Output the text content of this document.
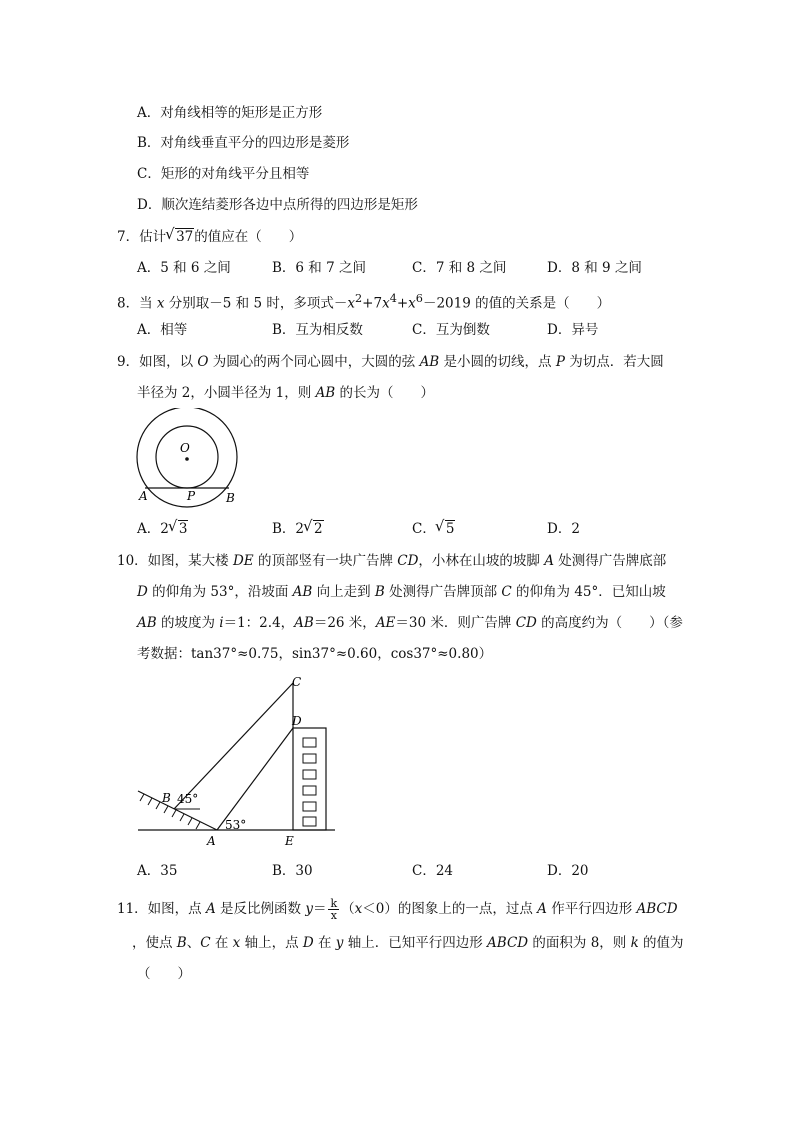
A．对角线相等的矩形是正方形
B．对角线垂直平分的四边形是菱形
C．矩形的对角线平分且相等
D．顺次连结菱形各边中点所得的四边形是矩形
7．估计 √ 37的值应在（　　）
A．5 和 6 之间	B．6 和 7 之间	C．7 和 8 之间	D．8 和 9 之间
8．当 x 分别取－5 和 5 时，多项式$-x^2+7x^4+x^6-2019$ 的值的关系是（　　）
A．相等	B．互为相反数	C．互为倒数	D．异号
9．如图，以 O 为圆心的两个同心圆中，大圆的弦 AB 是小圆的切线，点 P 为切点．若大圆
半径为 2，小圆半径为 1，则 AB 的长为（　　）
O
A	P	B
A．2 √ 3	B．2 √ 2	C． √ 5	D．2
10．如图，某大楼 DE 的顶部竖有一块广告牌 CD，小林在山坡的坡脚 A 处测得广告牌底部
D 的仰角为 53°，沿坡面 AB 向上走到 B 处测得广告牌顶部 C 的仰角为 45°．已知山坡
AB 的坡度为 i＝1：2.4，AB＝26 米，AE＝30 米．则广告牌 CD 的高度约为（　　）（参
考数据：tan37°≈0.75，sin37°≈0.60，cos37°≈0.80）
C
D
B
A	E
45°
53°
A．35	B．30	C．24	D．20
11．如图，点 A 是反比例函数 $y= \frac{k}{x} (x<0)$的图象上的一点，过点 A 作平行四边形 ABCD
，使点 B、C 在 x 轴上，点 D 在 y 轴上．已知平行四边形 ABCD 的面积为 8，则 k 的值为
（　　）
